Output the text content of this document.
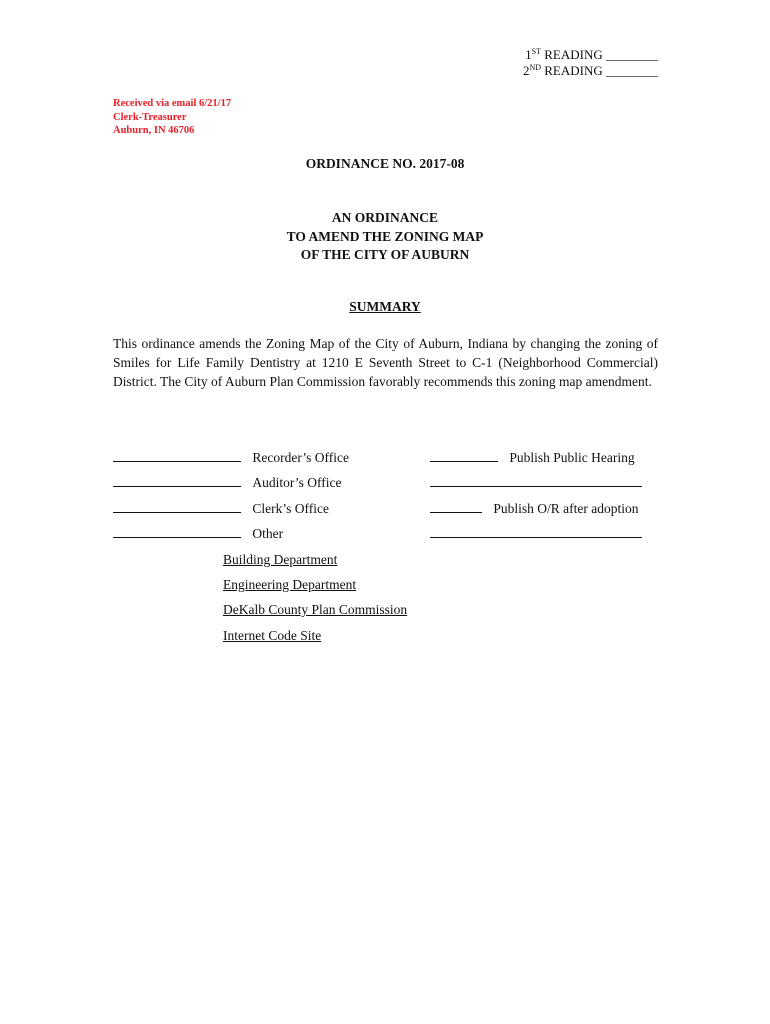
1ST READING ________
2ND READING ________
Received via email 6/21/17
Clerk-Treasurer
Auburn, IN 46706
ORDINANCE NO. 2017-08
AN ORDINANCE
TO AMEND THE ZONING MAP
OF THE CITY OF AUBURN
SUMMARY
This ordinance amends the Zoning Map of the City of Auburn, Indiana by changing the zoning of Smiles for Life Family Dentistry at 1210 E Seventh Street to C-1 (Neighborhood Commercial) District. The City of Auburn Plan Commission favorably recommends this zoning map amendment.
Recorder’s Office
Auditor’s Office
Clerk’s Office
Other
Publish Public Hearing
Publish O/R after adoption
Building Department
Engineering Department
DeKalb County Plan Commission
Internet Code Site
